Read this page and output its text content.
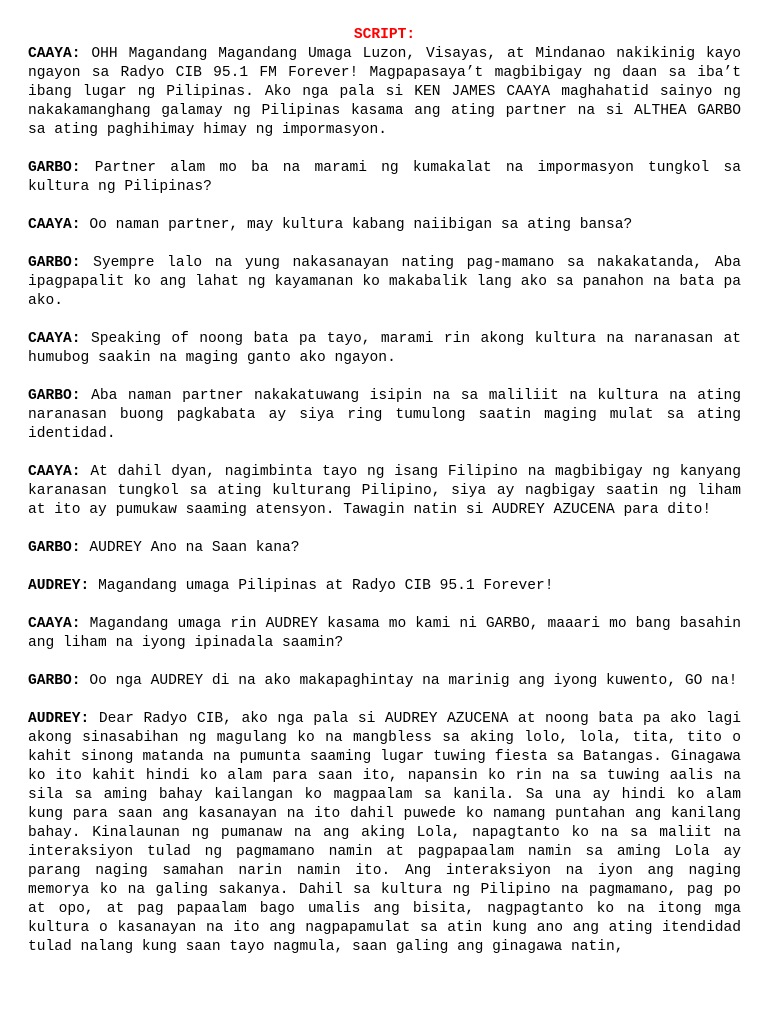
SCRIPT:

CAAYA: OHH Magandang Magandang Umaga Luzon, Visayas, at Mindanao nakikinig kayo ngayon sa Radyo CIB 95.1 FM Forever! Magpapasaya’t magbibigay ng daan sa iba’t ibang lugar ng Pilipinas. Ako nga pala si KEN JAMES CAAYA maghahatid sainyo ng nakakamanghang galamay ng Pilipinas kasama ang ating partner na si ALTHEA GARBO sa ating paghihimay himay ng impormasyon.

GARBO: Partner alam mo ba na marami ng kumakalat na impormasyon tungkol sa kultura ng Pilipinas?

CAAYA: Oo naman partner, may kultura kabang naiibigan sa ating bansa?

GARBO: Syempre lalo na yung nakasanayan nating pag-mamano sa nakakatanda, Aba ipagpapalit ko ang lahat ng kayamanan ko makabalik lang ako sa panahon na bata pa ako.

CAAYA: Speaking of noong bata pa tayo, marami rin akong kultura na naranasan at humubog saakin na maging ganto ako ngayon.

GARBO: Aba naman partner nakakatuwang isipin na sa maliliit na kultura na ating naranasan buong pagkabata ay siya ring tumulong saatin maging mulat sa ating identidad.

CAAYA: At dahil dyan, nagimbinta tayo ng isang Filipino na magbibigay ng kanyang karanasan tungkol sa ating kulturang Pilipino, siya ay nagbigay saatin ng liham at ito ay pumukaw saaming atensyon. Tawagin natin si AUDREY AZUCENA para dito!

GARBO: AUDREY Ano na Saan kana?

AUDREY: Magandang umaga Pilipinas at Radyo CIB 95.1 Forever!

CAAYA: Magandang umaga rin AUDREY kasama mo kami ni GARBO, maaari mo bang basahin ang liham na iyong ipinadala saamin?

GARBO: Oo nga AUDREY di na ako makapaghintay na marinig ang iyong kuwento, GO na!

AUDREY: Dear Radyo CIB, ako nga pala si AUDREY AZUCENA at noong bata pa ako lagi akong sinasabihan ng magulang ko na mangbless sa aking lolo, lola, tita, tito o kahit sinong matanda na pumunta saaming lugar tuwing fiesta sa Batangas. Ginagawa ko ito kahit hindi ko alam para saan ito, napansin ko rin na sa tuwing aalis na sila sa aming bahay kailangan ko magpaalam sa kanila. Sa una ay hindi ko alam kung para saan ang kasanayan na ito dahil puwede ko namang puntahan ang kanilang bahay. Kinalaunan ng pumanaw na ang aking Lola, napagtanto ko na sa maliit na interaksiyon tulad ng pagmamano namin at pagpapaalam namin sa aming Lola ay parang naging samahan narin namin ito. Ang interaksiyon na iyon ang naging memorya ko na galing sakanya. Dahil sa kultura ng Pilipino na pagmamano, pag po at opo, at pag papaalam bago umalis ang bisita, nagpagtanto ko na itong mga kultura o kasanayan na ito ang nagpapamulat sa atin kung ano ang ating itendidad tulad nalang kung saan tayo nagmula, saan galing ang ginagawa natin,
